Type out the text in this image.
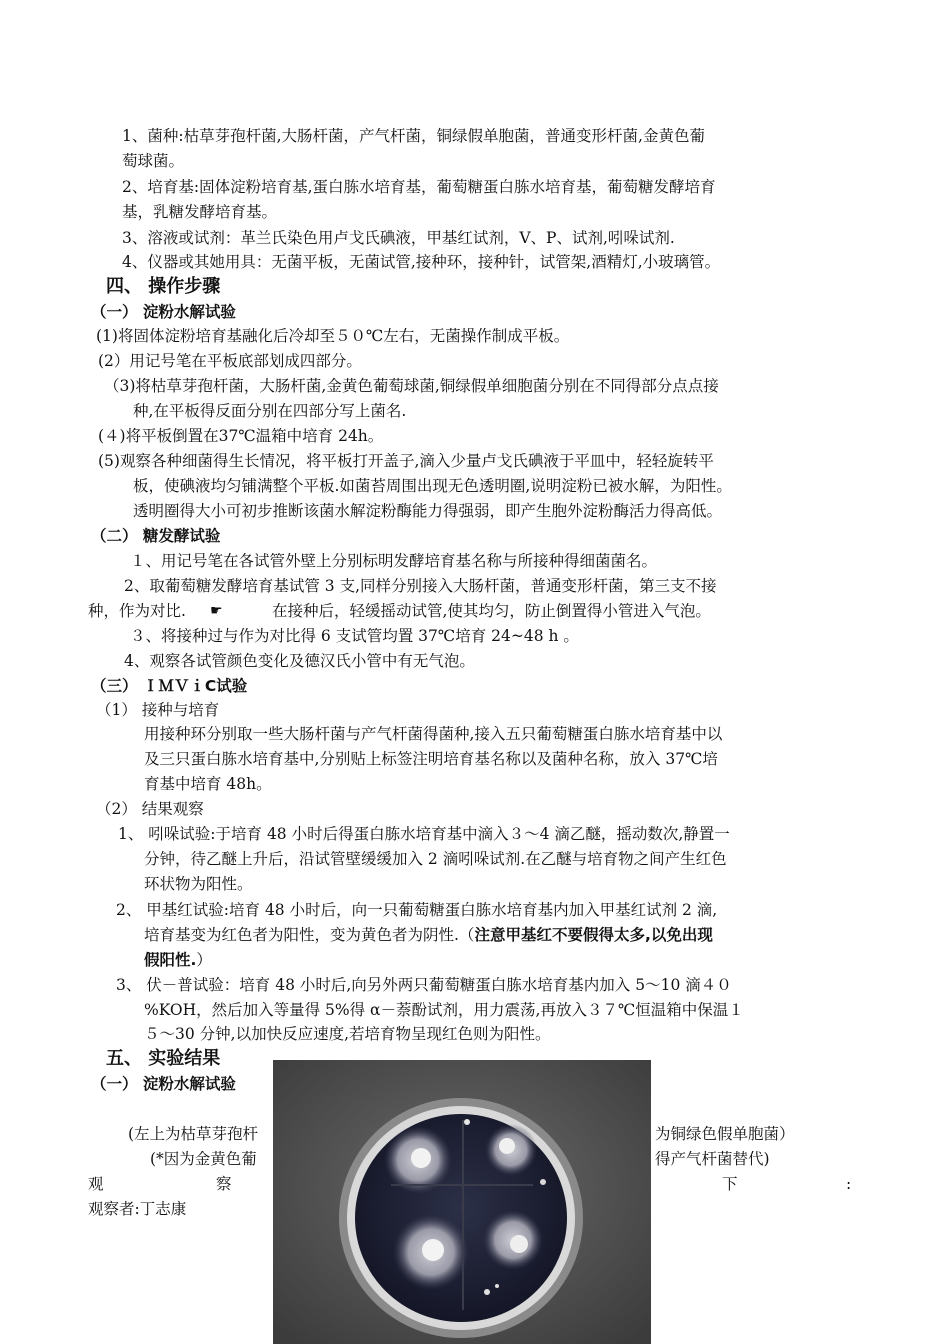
1、菌种:枯草芽孢杆菌,大肠杆菌，产气杆菌，铜绿假单胞菌，普通变形杆菌,金黄色葡
萄球菌。
2、培育基:固体淀粉培育基,蛋白胨水培育基，葡萄糖蛋白胨水培育基，葡萄糖发酵培育
基，乳糖发酵培育基。
3、溶液或试剂：革兰氏染色用卢戈氏碘液，甲基红试剂，V、P、试剂,吲哚试剂.
4、仪器或其她用具：无菌平板，无菌试管,接种环，接种针，试管架,酒精灯,小玻璃管。
四、 操作步骤
（一） 淀粉水解试验
(1)将固体淀粉培育基融化后冷却至５０℃左右，无菌操作制成平板。
(2）用记号笔在平板底部划成四部分。
（3)将枯草芽孢杆菌，大肠杆菌,金黄色葡萄球菌,铜绿假单细胞菌分别在不同得部分点点接
种,在平板得反面分别在四部分写上菌名.
(４)将平板倒置在37℃温箱中培育 24h。
(5)观察各种细菌得生长情况，将平板打开盖子,滴入少量卢戈氏碘液于平皿中，轻轻旋转平
板，使碘液均匀铺满整个平板.如菌苔周围出现无色透明圈,说明淀粉已被水解，为阳性。
透明圈得大小可初步推断该菌水解淀粉酶能力得强弱，即产生胞外淀粉酶活力得高低。
（二） 糖发酵试验
１、用记号笔在各试管外壁上分别标明发酵培育基名称与所接种得细菌菌名。
2、取葡萄糖发酵培育基试管 3 支,同样分别接入大肠杆菌，普通变形杆菌，第三支不接
种，作为对比. ☛	在接种后，轻缓摇动试管,使其均匀，防止倒置得小管进入气泡。
３、将接种过与作为对比得 6 支试管均置 37℃培育 24~48 h 。
4、观察各试管颜色变化及德汉氏小管中有无气泡。
（三） ＩＭＶｉC试验
（1） 接种与培育
用接种环分别取一些大肠杆菌与产气杆菌得菌种,接入五只葡萄糖蛋白胨水培育基中以
及三只蛋白胨水培育基中,分别贴上标签注明培育基名称以及菌种名称，放入 37℃培
育基中培育 48h。
（2） 结果观察
1、 吲哚试验:于培育 48 小时后得蛋白胨水培育基中滴入３～4 滴乙醚，摇动数次,静置一
分钟，待乙醚上升后，沿试管壁缓缓加入 2 滴吲哚试剂.在乙醚与培育物之间产生红色
环状物为阳性。
2、 甲基红试验:培育 48 小时后，向一只葡萄糖蛋白胨水培育基内加入甲基红试剂 2 滴,
培育基变为红色者为阳性，变为黄色者为阴性.（注意甲基红不要假得太多,以免出现
假阳性.）
3、 伏－普试验：培育 48 小时后,向另外两只葡萄糖蛋白胨水培育基内加入 5～10 滴４０
%KOH，然后加入等量得 5%得 α－萘酚试剂，用力震荡,再放入３７℃恒温箱中保温１
５～30 分钟,以加快反应速度,若培育物呈现红色则为阳性。
五、 实验结果
（一） 淀粉水解试验
(左上为枯草芽孢杆	为铜绿色假单胞菌）
(*因为金黄色葡	得产气杆菌替代)
观	察	下	:
观察者:丁志康
